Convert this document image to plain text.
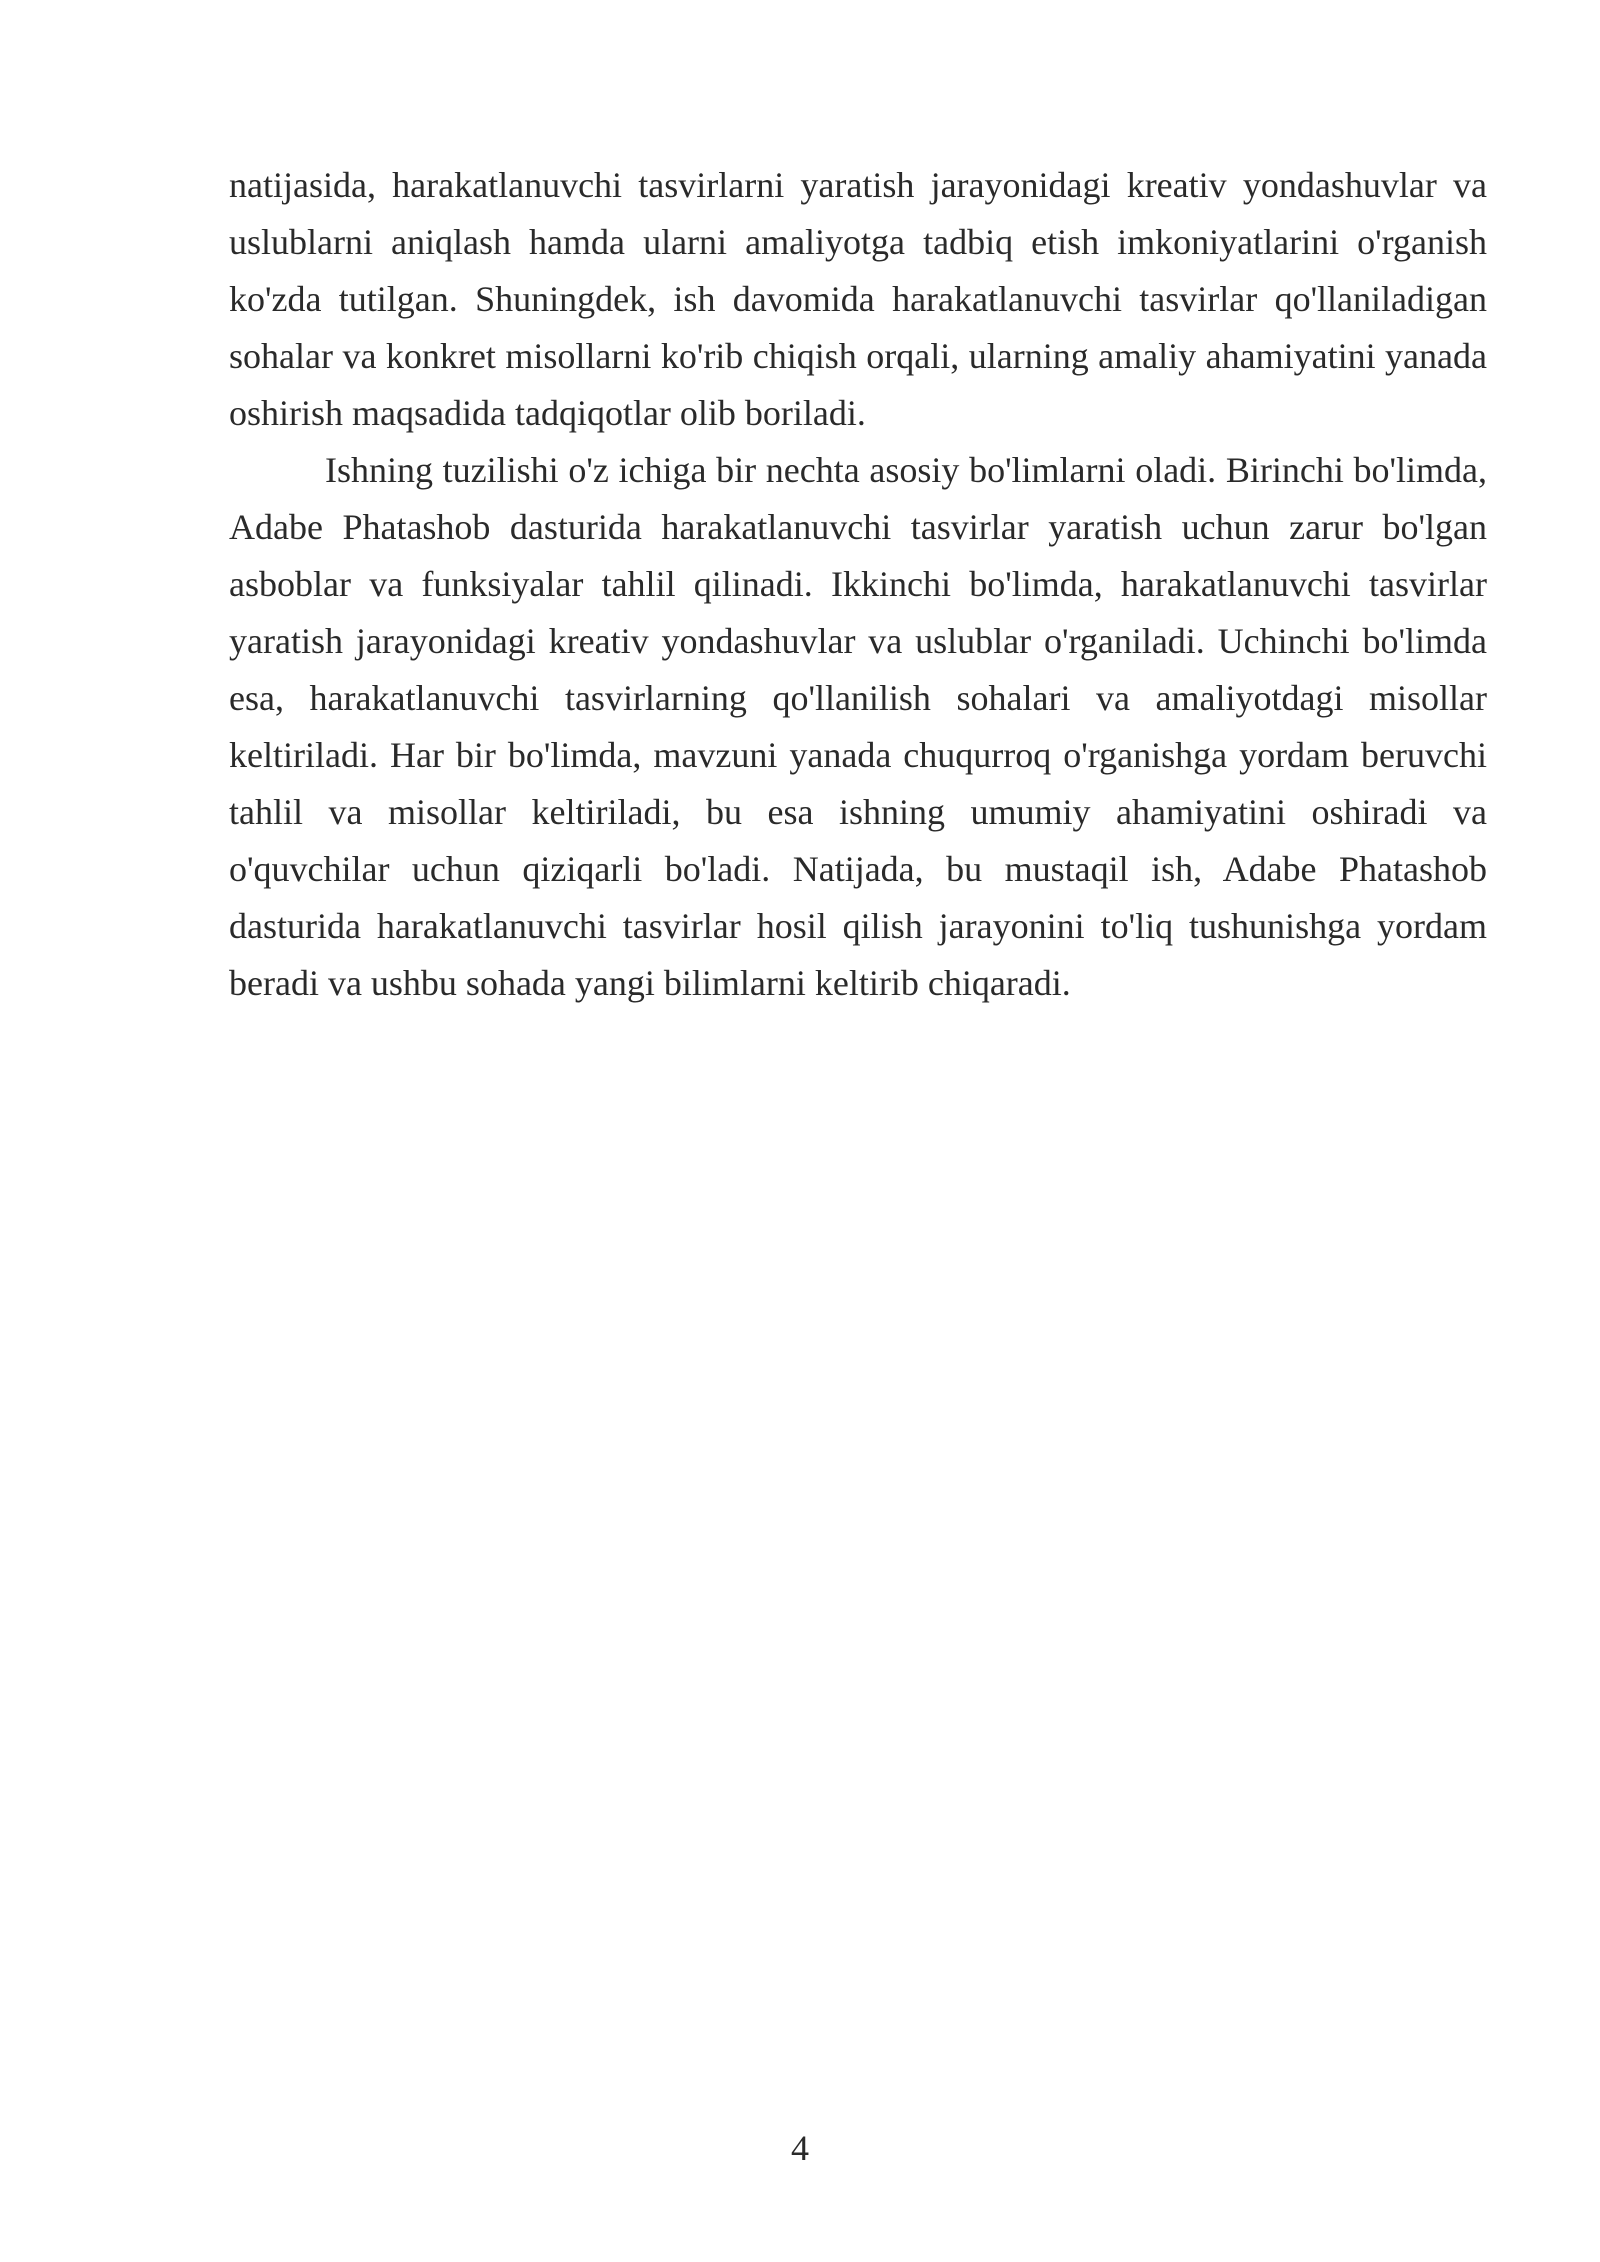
natijasida, harakatlanuvchi tasvirlarni yaratish jarayonidagi kreativ yondashuvlar va uslublarni aniqlash hamda ularni amaliyotga tadbiq etish imkoniyatlarini o'rganish ko'zda tutilgan. Shuningdek, ish davomida harakatlanuvchi tasvirlar qo'llaniladigan sohalar va konkret misollarni ko'rib chiqish orqali, ularning amaliy ahamiyatini yanada oshirish maqsadida tadqiqotlar olib boriladi.

Ishning tuzilishi o'z ichiga bir nechta asosiy bo'limlarni oladi. Birinchi bo'limda, Adabe Phatashob dasturida harakatlanuvchi tasvirlar yaratish uchun zarur bo'lgan asboblar va funksiyalar tahlil qilinadi. Ikkinchi bo'limda, harakatlanuvchi tasvirlar yaratish jarayonidagi kreativ yondashuvlar va uslublar o'rganiladi. Uchinchi bo'limda esa, harakatlanuvchi tasvirlarning qo'llanilish sohalari va amaliyotdagi misollar keltiriladi. Har bir bo'limda, mavzuni yanada chuqurroq o'rganishga yordam beruvchi tahlil va misollar keltiriladi, bu esa ishning umumiy ahamiyatini oshiradi va o'quvchilar uchun qiziqarli bo'ladi. Natijada, bu mustaqil ish, Adabe Phatashob dasturida harakatlanuvchi tasvirlar hosil qilish jarayonini to'liq tushunishga yordam beradi va ushbu sohada yangi bilimlarni keltirib chiqaradi.

4
